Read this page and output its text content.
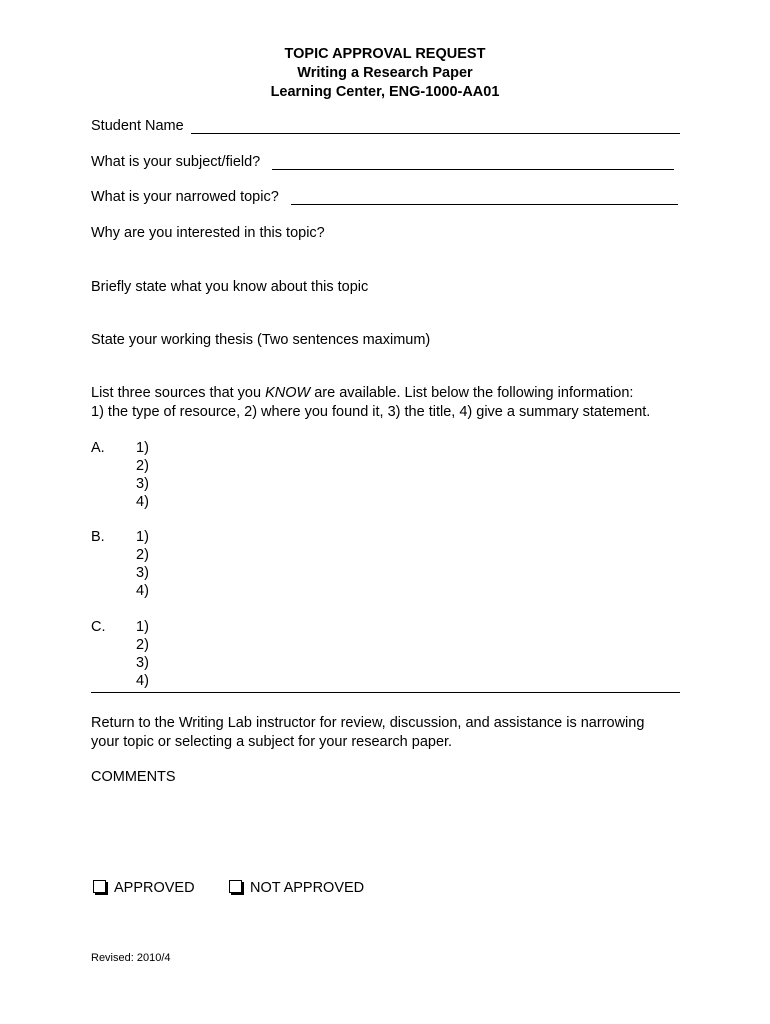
TOPIC APPROVAL REQUEST
Writing a Research Paper
Learning Center, ENG-1000-AA01
Student Name
What is your subject/field?
What is your narrowed topic?
Why are you interested in this topic?
Briefly state what you know about this topic
State your working thesis (Two sentences maximum)
List three sources that you KNOW are available. List below the following information:
1) the type of resource, 2) where you found it, 3) the title, 4) give a summary statement.
A. 1)
2)
3)
4)
B. 1)
2)
3)
4)
C. 1)
2)
3)
4)
Return to the Writing Lab instructor for review, discussion, and assistance is narrowing
your topic or selecting a subject for your research paper.
COMMENTS
APPROVED	NOT APPROVED
Revised: 2010/4
